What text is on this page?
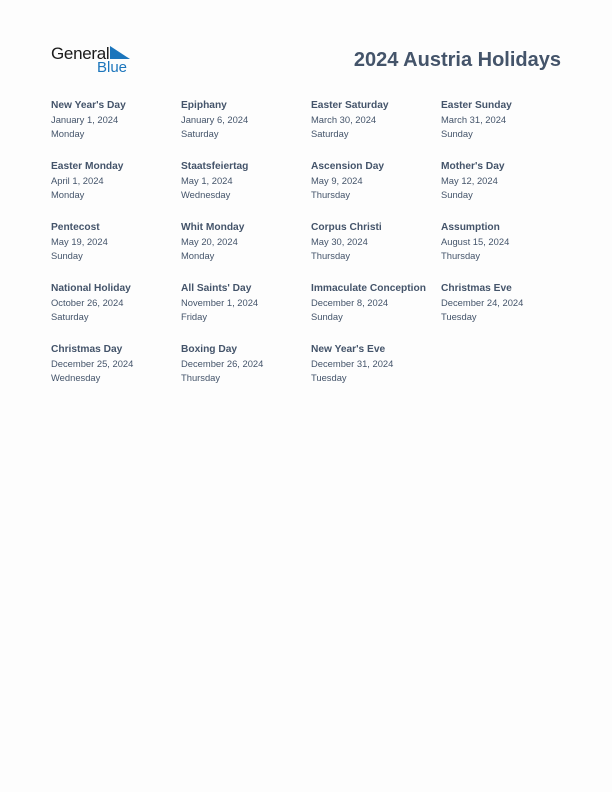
General
Blue	2024 Austria Holidays
New Year's Day
January 1, 2024
Monday
Epiphany
January 6, 2024
Saturday
Easter Saturday
March 30, 2024
Saturday
Easter Sunday
March 31, 2024
Sunday
Easter Monday
April 1, 2024
Monday
Staatsfeiertag
May 1, 2024
Wednesday
Ascension Day
May 9, 2024
Thursday
Mother's Day
May 12, 2024
Sunday
Pentecost
May 19, 2024
Sunday
Whit Monday
May 20, 2024
Monday
Corpus Christi
May 30, 2024
Thursday
Assumption
August 15, 2024
Thursday
National Holiday
October 26, 2024
Saturday
All Saints' Day
November 1, 2024
Friday
Immaculate Conception
December 8, 2024
Sunday
Christmas Eve
December 24, 2024
Tuesday
Christmas Day
December 25, 2024
Wednesday
Boxing Day
December 26, 2024
Thursday
New Year's Eve
December 31, 2024
Tuesday
